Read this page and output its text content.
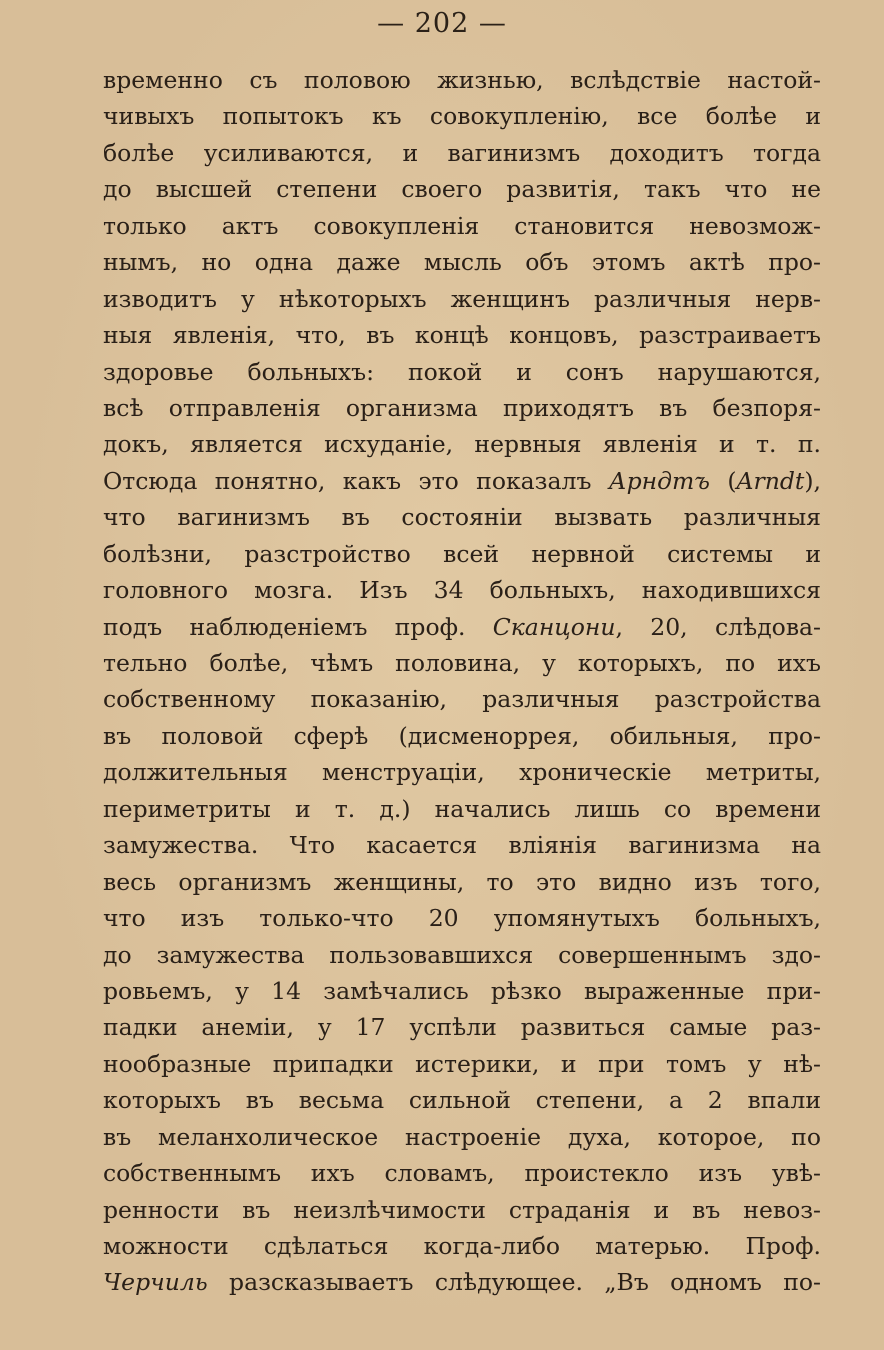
— 202 —
временно съ половою жизнью, вслѣдствіе настой-
чивыхъ попытокъ къ совокупленію, все болѣе и
болѣе усиливаются, и вагинизмъ доходитъ тогда
до высшей степени своего развитія, такъ что не
только актъ совокупленія становится невозмож-
нымъ, но одна даже мысль объ этомъ актѣ про-
изводитъ у нѣкоторыхъ женщинъ различныя нерв-
ныя явленія, что, въ концѣ концовъ, разстраиваетъ
здоровье больныхъ: покой и сонъ нарушаются,
всѣ отправленія организма приходятъ въ безпоря-
докъ, является исхуданіе, нервныя явленія и т. п.
Отсюда понятно, какъ это показалъ Арндтъ (Arndt),
что вагинизмъ въ состояніи вызвать различныя
болѣзни, разстройство всей нервной системы и
головного мозга. Изъ 34 больныхъ, находившихся
подъ наблюденіемъ проф. Сканцони, 20, слѣдова-
тельно болѣе, чѣмъ половина, у которыхъ, по ихъ
собственному показанію, различныя разстройства
въ половой сферѣ (дисменоррея, обильныя, про-
должительныя менструаціи, хроническіе метриты,
периметриты и т. д.) начались лишь со времени
замужества. Что касается вліянія вагинизма на
весь организмъ женщины, то это видно изъ того,
что изъ только-что 20 упомянутыхъ больныхъ,
до замужества пользовавшихся совершеннымъ здо-
ровьемъ, у 14 замѣчались рѣзко выраженные при-
падки анеміи, у 17 успѣли развиться самые раз-
нообразные припадки истерики, и при томъ у нѣ-
которыхъ въ весьма сильной степени, а 2 впали
въ меланхолическое настроеніе духа, которое, по
собственнымъ ихъ словамъ, проистекло изъ увѣ-
ренности въ неизлѣчимости страданія и въ невоз-
можности сдѣлаться когда-либо матерью. Проф.
Черчиль разсказываетъ слѣдующее. „Въ одномъ по-
